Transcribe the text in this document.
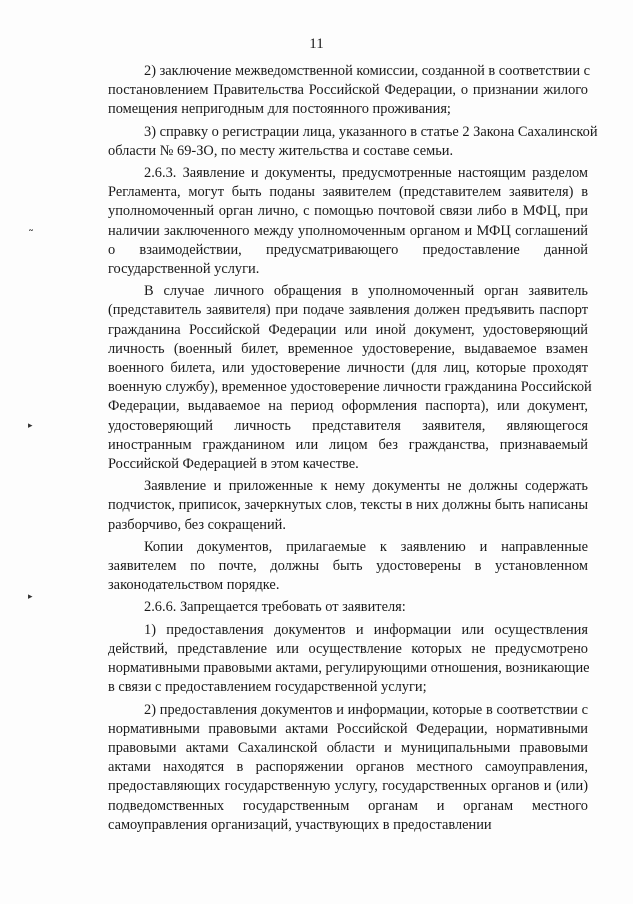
11
2) заключение межведомственной комиссии, созданной в соответствии с
постановлением Правительства Российской Федерации, о признании жилого
помещения непригодным для постоянного проживания;
3) справку о регистрации лица, указанного в статье 2 Закона Сахалинской
области № 69-ЗО, по месту жительства и составе семьи.
2.6.3. Заявление и документы, предусмотренные настоящим разделом
Регламента, могут быть поданы заявителем (представителем заявителя) в
уполномоченный орган лично, с помощью почтовой связи либо в МФЦ, при
наличии заключенного между уполномоченным органом и МФЦ соглашений
о взаимодействии, предусматривающего предоставление данной
государственной услуги.
В случае личного обращения в уполномоченный орган заявитель
(представитель заявителя) при подаче заявления должен предъявить паспорт
гражданина Российской Федерации или иной документ, удостоверяющий
личность (военный билет, временное удостоверение, выдаваемое взамен
военного билета, или удостоверение личности (для лиц, которые проходят
военную службу), временное удостоверение личности гражданина Российской
Федерации, выдаваемое на период оформления паспорта), или документ,
удостоверяющий личность представителя заявителя, являющегося
иностранным гражданином или лицом без гражданства, признаваемый
Российской Федерацией в этом качестве.
Заявление и приложенные к нему документы не должны содержать
подчисток, приписок, зачеркнутых слов, тексты в них должны быть написаны
разборчиво, без сокращений.
Копии документов, прилагаемые к заявлению и направленные
заявителем по почте, должны быть удостоверены в установленном
законодательством порядке.
2.6.6. Запрещается требовать от заявителя:
1) предоставления документов и информации или осуществления
действий, представление или осуществление которых не предусмотрено
нормативными правовыми актами, регулирующими отношения, возникающие
в связи с предоставлением государственной услуги;
2) предоставления документов и информации, которые в соответствии с
нормативными правовыми актами Российской Федерации, нормативными
правовыми актами Сахалинской области и муниципальными правовыми
актами находятся в распоряжении органов местного самоуправления,
предоставляющих государственную услугу, государственных органов и (или)
подведомственных государственным органам и органам местного
самоуправления организаций, участвующих в предоставлении
˜
▸
▸
